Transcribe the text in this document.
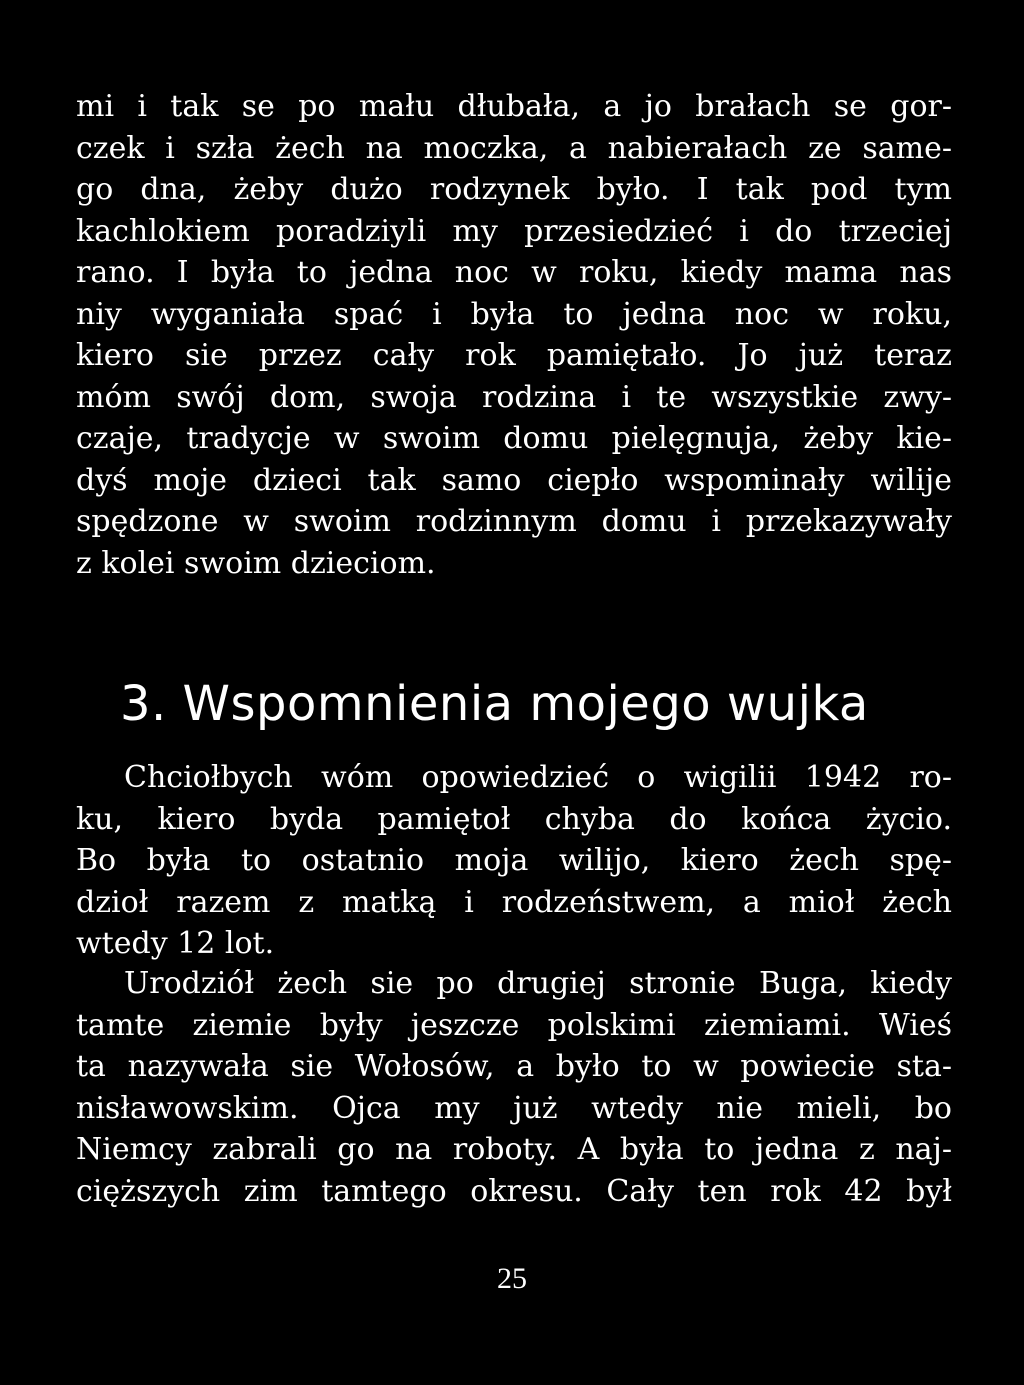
mi i tak se po mału dłubała, a jo brałach se gor-
czek i szła żech na moczka, a nabierałach ze same-
go dna, żeby dużo rodzynek było. I tak pod tym
kachlokiem poradziyli my przesiedzieć i do trzeciej
rano. I była to jedna noc w roku, kiedy mama nas
niy wyganiała spać i była to jedna noc w roku,
kiero sie przez cały rok pamiętało. Jo już teraz
móm swój dom, swoja rodzina i te wszystkie zwy-
czaje, tradycje w swoim domu pielęgnuja, żeby kie-
dyś moje dzieci tak samo ciepło wspominały wilije
spędzone w swoim rodzinnym domu i przekazywały
z kolei swoim dzieciom.

3. Wspomnienia mojego wujka

Chciołbych wóm opowiedzieć o wigilii 1942 ro-
ku, kiero byda pamiętoł chyba do końca życio.
Bo była to ostatnio moja wilijo, kiero żech spę-
dzioł razem z matką i rodzeństwem, a mioł żech
wtedy 12 lot.

Urodziół żech sie po drugiej stronie Buga, kiedy
tamte ziemie były jeszcze polskimi ziemiami. Wieś
ta nazywała sie Wołosów, a było to w powiecie sta-
nisławowskim. Ojca my już wtedy nie mieli, bo
Niemcy zabrali go na roboty. A była to jedna z naj-
cięższych zim tamtego okresu. Cały ten rok 42 był

25
